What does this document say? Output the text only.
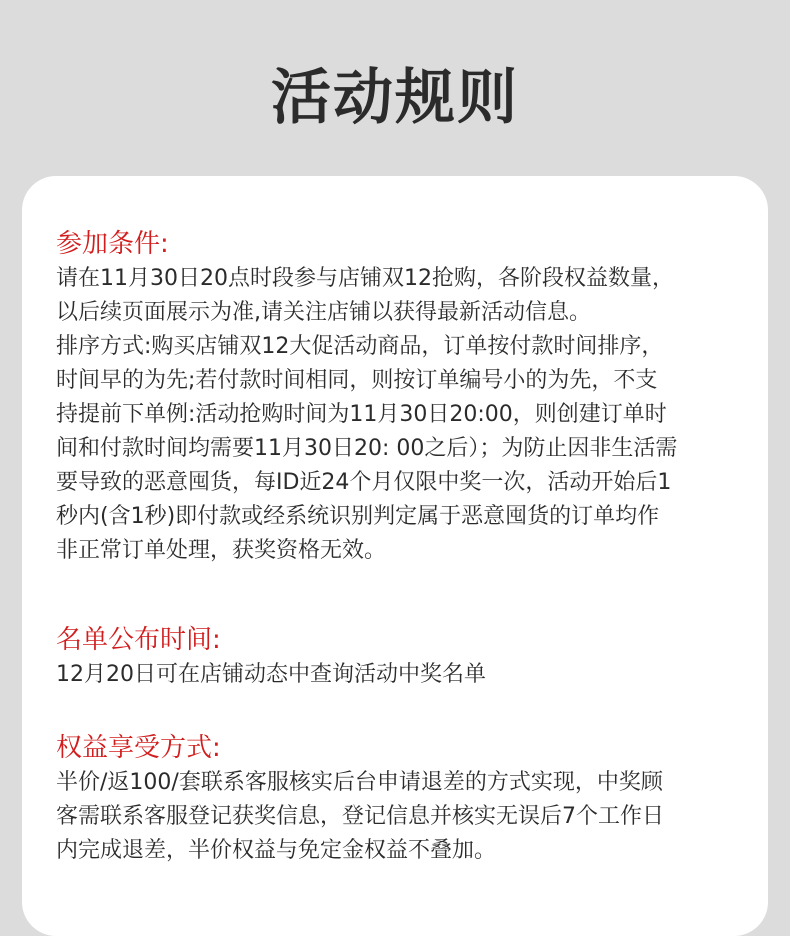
活动规则
参加条件:

请在11月30日20点时段参与店铺双12抢购，各阶段权益数量，

以后续页面展示为准,请关注店铺以获得最新活动信息。

排序方式:购买店铺双12大促活动商品，订单按付款时间排序，

时间早的为先;若付款时间相同，则按订单编号小的为先，不支

持提前下单例:活动抢购时间为11月30日20:00，则创建订单时

间和付款时间均需要11月30日20: 00之后）；为防止因非生活需

要导致的恶意囤货，每ID近24个月仅限中奖一次，活动开始后1

秒内(含1秒)即付款或经系统识别判定属于恶意囤货的订单均作

非正常订单处理，获奖资格无效。

名单公布时间:

12月20日可在店铺动态中查询活动中奖名单

权益享受方式:

半价/返100/套联系客服核实后台申请退差的方式实现，中奖顾

客需联系客服登记获奖信息，登记信息并核实无误后7个工作日

内完成退差，半价权益与免定金权益不叠加。
